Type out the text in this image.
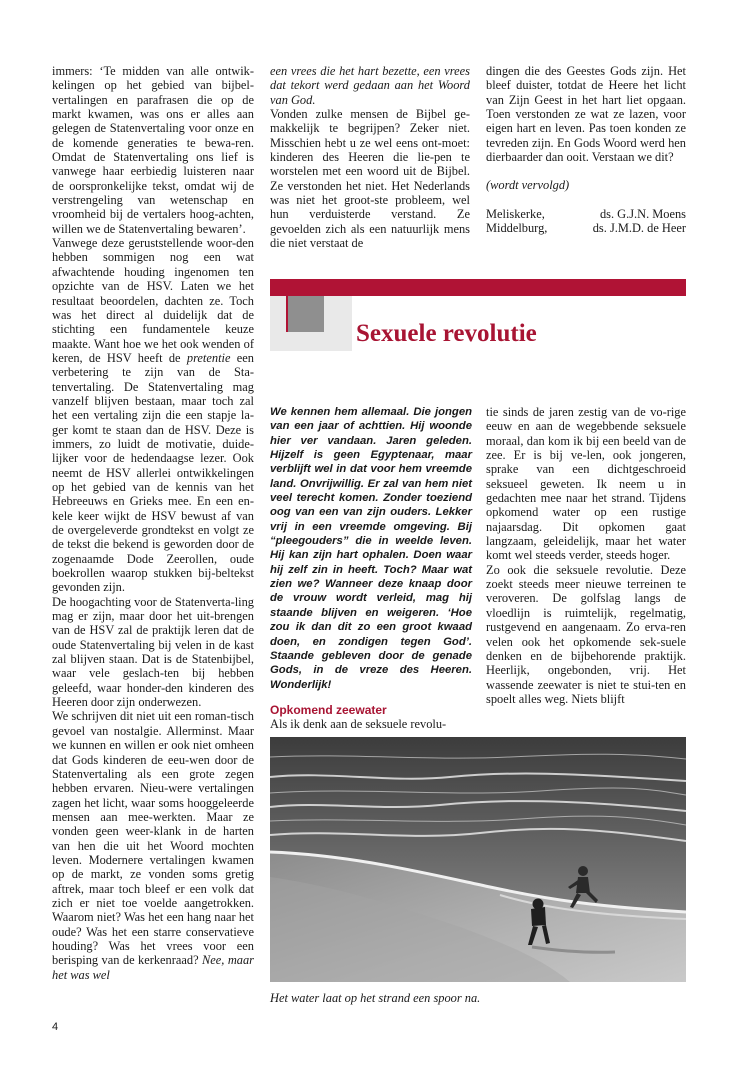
immers: ‘Te midden van alle ontwik-kelingen op het gebied van bijbel-vertalingen en parafrasen die op de markt kwamen, was ons er alles aan gelegen de Statenvertaling voor onze en de komende generaties te bewa-ren. Omdat de Statenvertaling ons lief is vanwege haar eerbiedig luisteren naar de oorspronkelijke tekst, omdat wij de verstrengeling van wetenschap en vroomheid bij de vertalers hoog-achten, willen we de Statenvertaling bewaren’.

Vanwege deze geruststellende woor-den hebben sommigen nog een wat afwachtende houding ingenomen ten opzichte van de HSV. Laten we het resultaat beoordelen, dachten ze. Toch was het direct al duidelijk dat de stichting een fundamentele keuze maakte. Want hoe we het ook wenden of keren, de HSV heeft de pretentie een verbetering te zijn van de Sta-tenvertaling. De Statenvertaling mag vanzelf blijven bestaan, maar toch zal het een vertaling zijn die een stapje la-ger komt te staan dan de HSV. Deze is immers, zo luidt de motivatie, duide-lijker voor de hedendaagse lezer. Ook neemt de HSV allerlei ontwikkelingen op het gebied van de kennis van het Hebreeuws en Grieks mee. En een en-kele keer wijkt de HSV bewust af van de overgeleverde grondtekst en volgt ze de tekst die bekend is geworden door de zogenaamde Dode Zeerollen, oude boekrollen waarop stukken bij-beltekst gevonden zijn.

De hoogachting voor de Statenverta-ling mag er zijn, maar door het uit-brengen van de HSV zal de praktijk leren dat de oude Statenvertaling bij velen in de kast zal blijven staan. Dat is de Statenbijbel, waar vele geslach-ten bij hebben geleefd, waar honder-den kinderen des Heeren door zijn onderwezen.

We schrijven dit niet uit een roman-tisch gevoel van nostalgie. Allerminst. Maar we kunnen en willen er ook niet omheen dat Gods kinderen de eeu-wen door de Statenvertaling als een grote zegen hebben ervaren. Nieu-were vertalingen zagen het licht, waar soms hooggeleerde mensen aan mee-werkten. Maar ze vonden geen weer-klank in de harten van hen die uit het Woord mochten leven. Modernere vertalingen kwamen op de markt, ze vonden soms gretig aftrek, maar toch bleef er een volk dat zich er niet toe voelde aangetrokken. Waarom niet? Was het een hang naar het oude? Was het een starre conservatieve houding? Was het vrees voor een berisping van de kerkenraad? Nee, maar het was wel

een vrees die het hart bezette, een vrees dat tekort werd gedaan aan het Woord van God.

Vonden zulke mensen de Bijbel ge-makkelijk te begrijpen? Zeker niet. Misschien hebt u ze wel eens ont-moet: kinderen des Heeren die lie-pen te worstelen met een woord uit de Bijbel. Ze verstonden het niet. Het Nederlands was niet het groot-ste probleem, wel hun verduisterde verstand. Ze gevoelden zich als een natuurlijk mens die niet verstaat de

dingen die des Geestes Gods zijn. Het bleef duister, totdat de Heere het licht van Zijn Geest in het hart liet opgaan. Toen verstonden ze wat ze lazen, voor eigen hart en leven. Pas toen konden ze tevreden zijn. En Gods Woord werd hen dierbaarder dan ooit. Verstaan we dit?

(wordt vervolgd)

Meliskerke,	ds. G.J.N. Moens
Middelburg,	ds. J.M.D. de Heer
Sexuele revolutie

We kennen hem allemaal. Die jongen van een jaar of achttien. Hij woonde hier ver vandaan. Jaren geleden. Hijzelf is geen Egyptenaar, maar verblijft wel in dat voor hem vreemde land. Onvrijwillig. Er zal van hem niet veel terecht komen. Zonder toeziend oog van een van zijn ouders. Lekker vrij in een vreemde omgeving. Bij “pleegouders” die in weelde leven. Hij kan zijn hart ophalen. Doen waar hij zelf zin in heeft. Toch? Maar wat zien we? Wanneer deze knaap door de vrouw wordt verleid, mag hij staande blijven en weigeren. ‘Hoe zou ik dan dit zo een groot kwaad doen, en zondigen tegen God’. Staande gebleven door de genade Gods, in de vreze des Heeren. Wonderlijk!

Opkomend zeewater

Als ik denk aan de seksuele revolu-

tie sinds de jaren zestig van de vo-rige eeuw en aan de wegebbende seksuele moraal, dan kom ik bij een beeld van de zee. Er is bij ve-len, ook jongeren, sprake van een dichtgeschroeid seksueel geweten. Ik neem u in gedachten mee naar het strand. Tijdens opkomend water op een rustige najaarsdag. Dit opkomen gaat langzaam, geleidelijk, maar het water komt wel steeds verder, steeds hoger.

Zo ook die seksuele revolutie. Deze zoekt steeds meer nieuwe terreinen te veroveren. De golfslag langs de vloedlijn is ruimtelijk, regelmatig, rustgevend en aangenaam. Zo erva-ren velen ook het opkomende sek-suele denken en de bijbehorende praktijk. Heerlijk, ongebonden, vrij. Het wassende zeewater is niet te stui-ten en spoelt alles weg. Niets blijft

Het water laat op het strand een spoor na.
4
